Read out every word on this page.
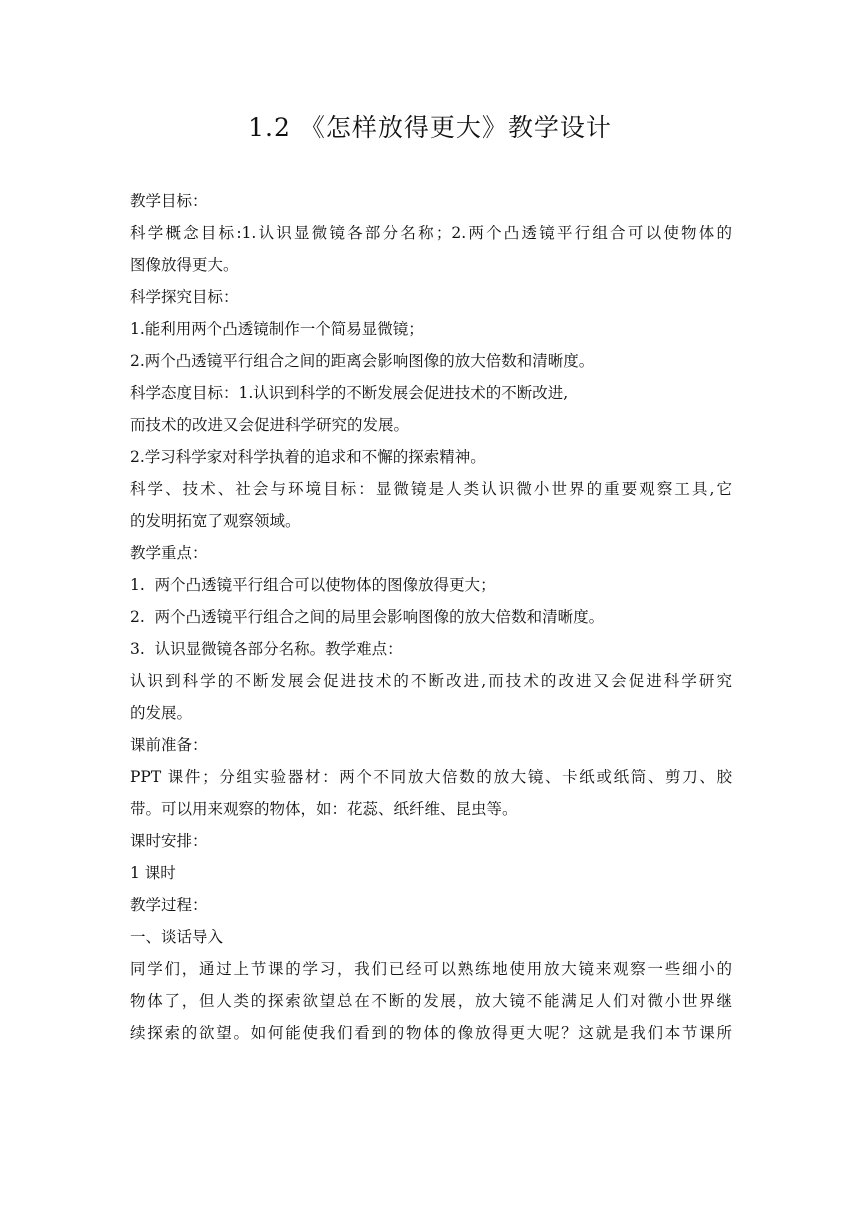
1.2 《怎样放得更大》教学设计

教学目标：

科学概念目标:1.认识显微镜各部分名称；2.两个凸透镜平行组合可以使物体的

图像放得更大。

科学探究目标：

1.能利用两个凸透镜制作一个简易显微镜；

2.两个凸透镜平行组合之间的距离会影响图像的放大倍数和清晰度。

科学态度目标：1.认识到科学的不断发展会促进技术的不断改进,

而技术的改进又会促进科学研究的发展。

2.学习科学家对科学执着的追求和不懈的探索精神。

科学、技术、社会与环境目标：显微镜是人类认识微小世界的重要观察工具,它

的发明拓宽了观察领域。

教学重点：

1.  两个凸透镜平行组合可以使物体的图像放得更大；

2.  两个凸透镜平行组合之间的局里会影响图像的放大倍数和清晰度。

3.  认识显微镜各部分名称。教学难点：

认识到科学的不断发展会促进技术的不断改进,而技术的改进又会促进科学研究

的发展。

课前准备：

PPT 课件；分组实验器材：两个不同放大倍数的放大镜、卡纸或纸筒、剪刀、胶

带。可以用来观察的物体，如：花蕊、纸纤维、昆虫等。

课时安排：

1 课时

教学过程：

一、谈话导入

同学们，通过上节课的学习，我们已经可以熟练地使用放大镜来观察一些细小的

物体了，但人类的探索欲望总在不断的发展，放大镜不能满足人们对微小世界继

续探索的欲望。如何能使我们看到的物体的像放得更大呢？这就是我们本节课所
